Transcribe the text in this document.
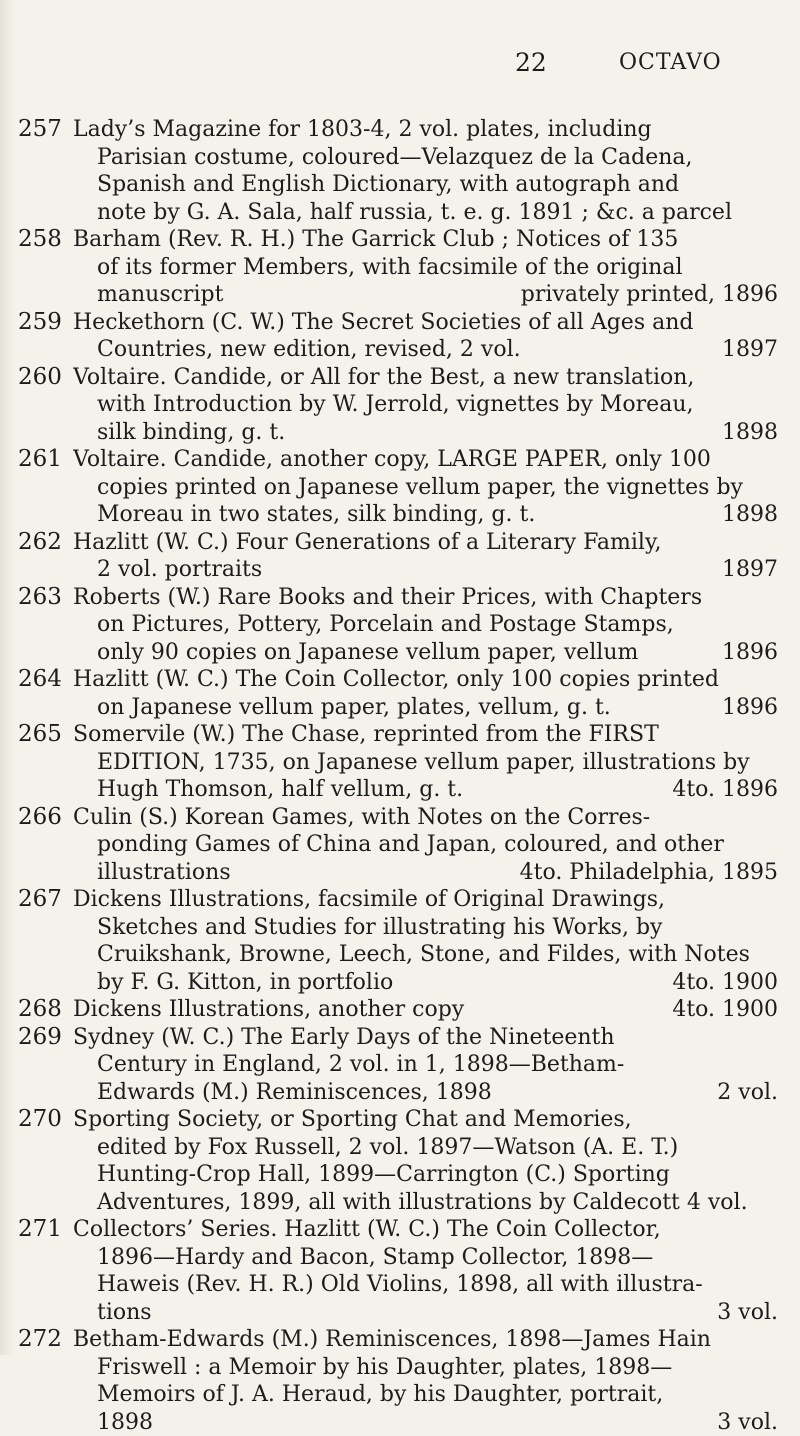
22	OCTAVO
257 Lady’s Magazine for 1803-4, 2 vol. plates, including
Parisian costume, coloured—Velazquez de la Cadena,
Spanish and English Dictionary, with autograph and
note by G. A. Sala, half russia, t. e. g. 1891 ; &c. a parcel
258 Barham (Rev. R. H.) The Garrick Club ; Notices of 135
of its former Members, with facsimile of the original
manuscript	privately printed, 1896
259 Heckethorn (C. W.) The Secret Societies of all Ages and
Countries, new edition, revised, 2 vol.	1897
260 Voltaire. Candide, or All for the Best, a new translation,
with Introduction by W. Jerrold, vignettes by Moreau,
silk binding, g. t.	1898
261 Voltaire. Candide, another copy, LARGE PAPER, only 100
copies printed on Japanese vellum paper, the vignettes by
Moreau in two states, silk binding, g. t.	1898
262 Hazlitt (W. C.) Four Generations of a Literary Family,
2 vol. portraits	1897
263 Roberts (W.) Rare Books and their Prices, with Chapters
on Pictures, Pottery, Porcelain and Postage Stamps,
only 90 copies on Japanese vellum paper, vellum	1896
264 Hazlitt (W. C.) The Coin Collector, only 100 copies printed
on Japanese vellum paper, plates, vellum, g. t.	1896
265 Somervile (W.) The Chase, reprinted from the FIRST
EDITION, 1735, on Japanese vellum paper, illustrations by
Hugh Thomson, half vellum, g. t.	4to. 1896
266 Culin (S.) Korean Games, with Notes on the Corres-
ponding Games of China and Japan, coloured, and other
illustrations	4to. Philadelphia, 1895
267 Dickens Illustrations, facsimile of Original Drawings,
Sketches and Studies for illustrating his Works, by
Cruikshank, Browne, Leech, Stone, and Fildes, with Notes
by F. G. Kitton, in portfolio	4to. 1900
268 Dickens Illustrations, another copy	4to. 1900
269 Sydney (W. C.) The Early Days of the Nineteenth
Century in England, 2 vol. in 1, 1898—Betham-
Edwards (M.) Reminiscences, 1898	2 vol.
270 Sporting Society, or Sporting Chat and Memories,
edited by Fox Russell, 2 vol. 1897—Watson (A. E. T.)
Hunting-Crop Hall, 1899—Carrington (C.) Sporting
Adventures, 1899, all with illustrations by Caldecott 4 vol.
271 Collectors’ Series. Hazlitt (W. C.) The Coin Collector,
1896—Hardy and Bacon, Stamp Collector, 1898—
Haweis (Rev. H. R.) Old Violins, 1898, all with illustra-
tions	3 vol.
272 Betham-Edwards (M.) Reminiscences, 1898—James Hain
Friswell : a Memoir by his Daughter, plates, 1898—
Memoirs of J. A. Heraud, by his Daughter, portrait,
1898	3 vol.
